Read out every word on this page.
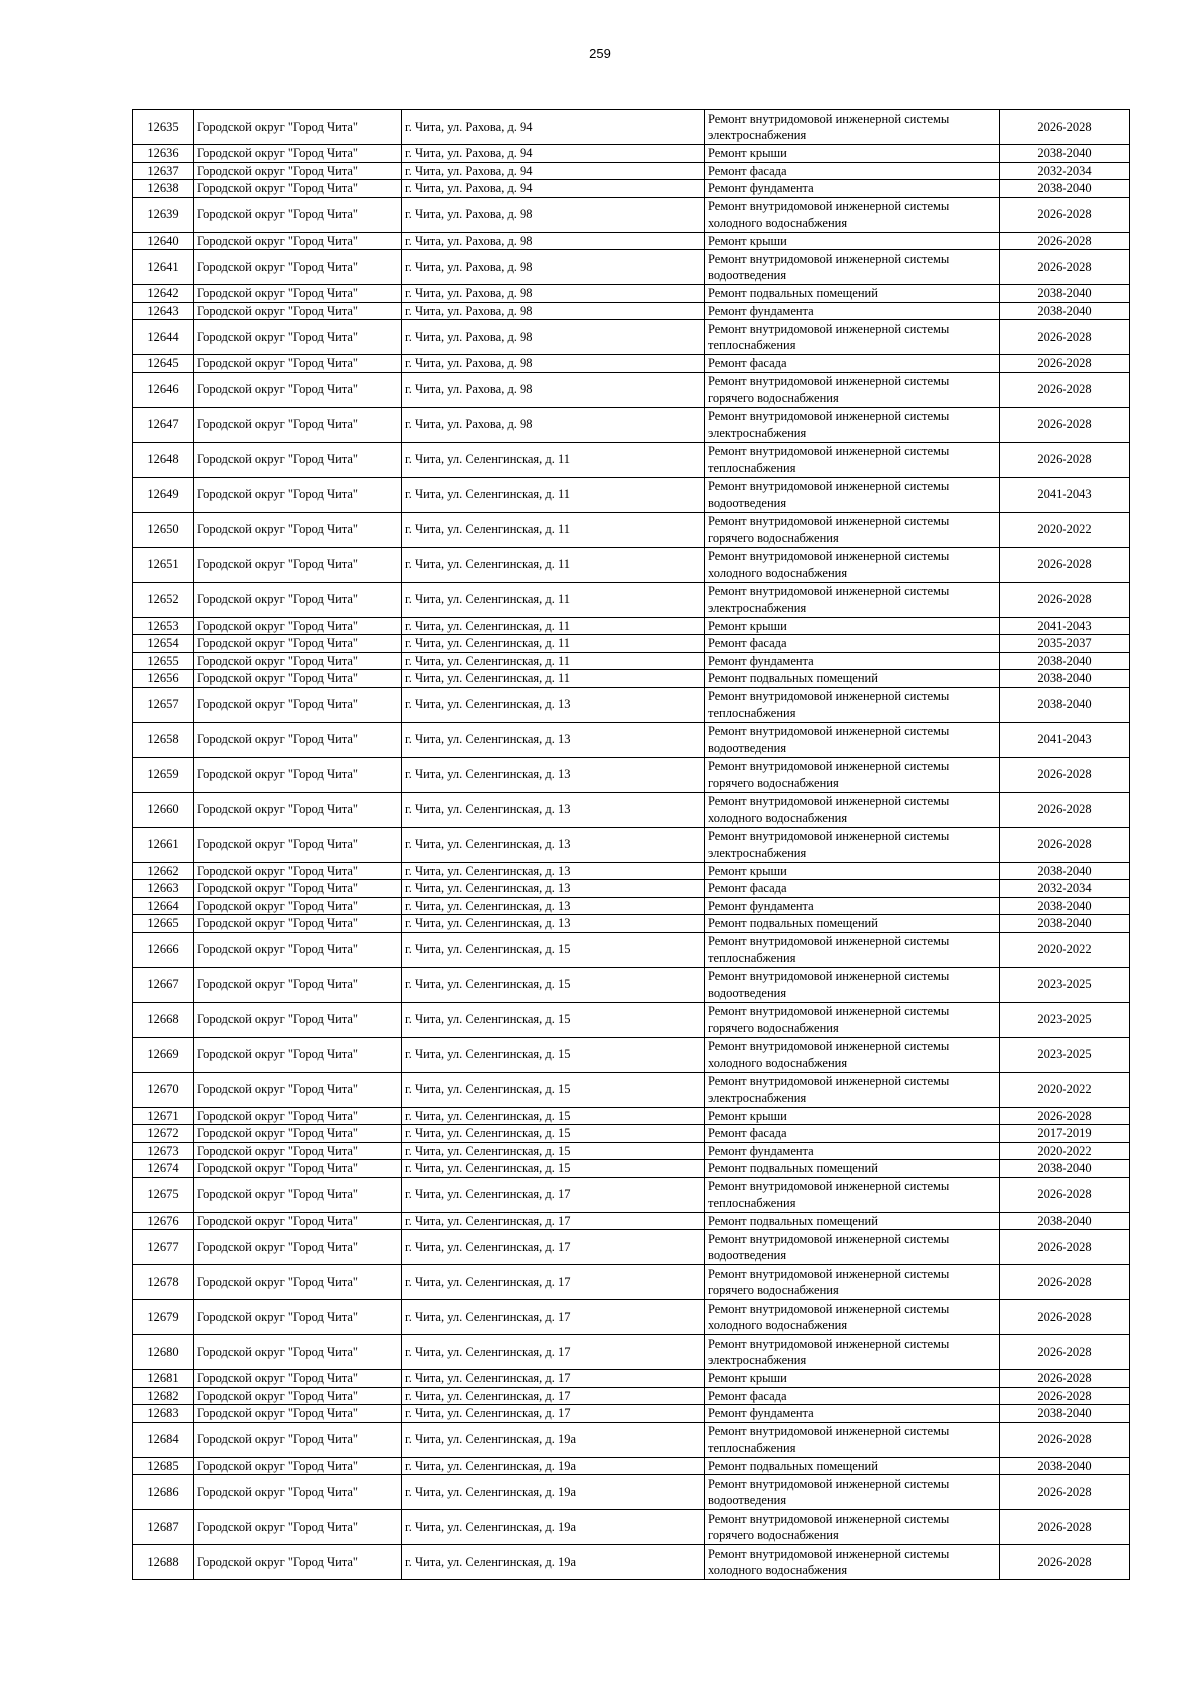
259
12635	Городской округ "Город Чита"	г. Чита, ул. Рахова, д. 94	Ремонт внутридомовой инженерной системы
электроснабжения	2026-2028
12636	Городской округ "Город Чита"	г. Чита, ул. Рахова, д. 94	Ремонт крыши	2038-2040
12637	Городской округ "Город Чита"	г. Чита, ул. Рахова, д. 94	Ремонт фасада	2032-2034
12638	Городской округ "Город Чита"	г. Чита, ул. Рахова, д. 94	Ремонт фундамента	2038-2040
12639	Городской округ "Город Чита"	г. Чита, ул. Рахова, д. 98	Ремонт внутридомовой инженерной системы
холодного водоснабжения	2026-2028
12640	Городской округ "Город Чита"	г. Чита, ул. Рахова, д. 98	Ремонт крыши	2026-2028
12641	Городской округ "Город Чита"	г. Чита, ул. Рахова, д. 98	Ремонт внутридомовой инженерной системы
водоотведения	2026-2028
12642	Городской округ "Город Чита"	г. Чита, ул. Рахова, д. 98	Ремонт подвальных помещений	2038-2040
12643	Городской округ "Город Чита"	г. Чита, ул. Рахова, д. 98	Ремонт фундамента	2038-2040
12644	Городской округ "Город Чита"	г. Чита, ул. Рахова, д. 98	Ремонт внутридомовой инженерной системы
теплоснабжения	2026-2028
12645	Городской округ "Город Чита"	г. Чита, ул. Рахова, д. 98	Ремонт фасада	2026-2028
12646	Городской округ "Город Чита"	г. Чита, ул. Рахова, д. 98	Ремонт внутридомовой инженерной системы
горячего водоснабжения	2026-2028
12647	Городской округ "Город Чита"	г. Чита, ул. Рахова, д. 98	Ремонт внутридомовой инженерной системы
электроснабжения	2026-2028
12648	Городской округ "Город Чита"	г. Чита, ул. Селенгинская, д. 11	Ремонт внутридомовой инженерной системы
теплоснабжения	2026-2028
12649	Городской округ "Город Чита"	г. Чита, ул. Селенгинская, д. 11	Ремонт внутридомовой инженерной системы
водоотведения	2041-2043
12650	Городской округ "Город Чита"	г. Чита, ул. Селенгинская, д. 11	Ремонт внутридомовой инженерной системы
горячего водоснабжения	2020-2022
12651	Городской округ "Город Чита"	г. Чита, ул. Селенгинская, д. 11	Ремонт внутридомовой инженерной системы
холодного водоснабжения	2026-2028
12652	Городской округ "Город Чита"	г. Чита, ул. Селенгинская, д. 11	Ремонт внутридомовой инженерной системы
электроснабжения	2026-2028
12653	Городской округ "Город Чита"	г. Чита, ул. Селенгинская, д. 11	Ремонт крыши	2041-2043
12654	Городской округ "Город Чита"	г. Чита, ул. Селенгинская, д. 11	Ремонт фасада	2035-2037
12655	Городской округ "Город Чита"	г. Чита, ул. Селенгинская, д. 11	Ремонт фундамента	2038-2040
12656	Городской округ "Город Чита"	г. Чита, ул. Селенгинская, д. 11	Ремонт подвальных помещений	2038-2040
12657	Городской округ "Город Чита"	г. Чита, ул. Селенгинская, д. 13	Ремонт внутридомовой инженерной системы
теплоснабжения	2038-2040
12658	Городской округ "Город Чита"	г. Чита, ул. Селенгинская, д. 13	Ремонт внутридомовой инженерной системы
водоотведения	2041-2043
12659	Городской округ "Город Чита"	г. Чита, ул. Селенгинская, д. 13	Ремонт внутридомовой инженерной системы
горячего водоснабжения	2026-2028
12660	Городской округ "Город Чита"	г. Чита, ул. Селенгинская, д. 13	Ремонт внутридомовой инженерной системы
холодного водоснабжения	2026-2028
12661	Городской округ "Город Чита"	г. Чита, ул. Селенгинская, д. 13	Ремонт внутридомовой инженерной системы
электроснабжения	2026-2028
12662	Городской округ "Город Чита"	г. Чита, ул. Селенгинская, д. 13	Ремонт крыши	2038-2040
12663	Городской округ "Город Чита"	г. Чита, ул. Селенгинская, д. 13	Ремонт фасада	2032-2034
12664	Городской округ "Город Чита"	г. Чита, ул. Селенгинская, д. 13	Ремонт фундамента	2038-2040
12665	Городской округ "Город Чита"	г. Чита, ул. Селенгинская, д. 13	Ремонт подвальных помещений	2038-2040
12666	Городской округ "Город Чита"	г. Чита, ул. Селенгинская, д. 15	Ремонт внутридомовой инженерной системы
теплоснабжения	2020-2022
12667	Городской округ "Город Чита"	г. Чита, ул. Селенгинская, д. 15	Ремонт внутридомовой инженерной системы
водоотведения	2023-2025
12668	Городской округ "Город Чита"	г. Чита, ул. Селенгинская, д. 15	Ремонт внутридомовой инженерной системы
горячего водоснабжения	2023-2025
12669	Городской округ "Город Чита"	г. Чита, ул. Селенгинская, д. 15	Ремонт внутридомовой инженерной системы
холодного водоснабжения	2023-2025
12670	Городской округ "Город Чита"	г. Чита, ул. Селенгинская, д. 15	Ремонт внутридомовой инженерной системы
электроснабжения	2020-2022
12671	Городской округ "Город Чита"	г. Чита, ул. Селенгинская, д. 15	Ремонт крыши	2026-2028
12672	Городской округ "Город Чита"	г. Чита, ул. Селенгинская, д. 15	Ремонт фасада	2017-2019
12673	Городской округ "Город Чита"	г. Чита, ул. Селенгинская, д. 15	Ремонт фундамента	2020-2022
12674	Городской округ "Город Чита"	г. Чита, ул. Селенгинская, д. 15	Ремонт подвальных помещений	2038-2040
12675	Городской округ "Город Чита"	г. Чита, ул. Селенгинская, д. 17	Ремонт внутридомовой инженерной системы
теплоснабжения	2026-2028
12676	Городской округ "Город Чита"	г. Чита, ул. Селенгинская, д. 17	Ремонт подвальных помещений	2038-2040
12677	Городской округ "Город Чита"	г. Чита, ул. Селенгинская, д. 17	Ремонт внутридомовой инженерной системы
водоотведения	2026-2028
12678	Городской округ "Город Чита"	г. Чита, ул. Селенгинская, д. 17	Ремонт внутридомовой инженерной системы
горячего водоснабжения	2026-2028
12679	Городской округ "Город Чита"	г. Чита, ул. Селенгинская, д. 17	Ремонт внутридомовой инженерной системы
холодного водоснабжения	2026-2028
12680	Городской округ "Город Чита"	г. Чита, ул. Селенгинская, д. 17	Ремонт внутридомовой инженерной системы
электроснабжения	2026-2028
12681	Городской округ "Город Чита"	г. Чита, ул. Селенгинская, д. 17	Ремонт крыши	2026-2028
12682	Городской округ "Город Чита"	г. Чита, ул. Селенгинская, д. 17	Ремонт фасада	2026-2028
12683	Городской округ "Город Чита"	г. Чита, ул. Селенгинская, д. 17	Ремонт фундамента	2038-2040
12684	Городской округ "Город Чита"	г. Чита, ул. Селенгинская, д. 19а	Ремонт внутридомовой инженерной системы
теплоснабжения	2026-2028
12685	Городской округ "Город Чита"	г. Чита, ул. Селенгинская, д. 19а	Ремонт подвальных помещений	2038-2040
12686	Городской округ "Город Чита"	г. Чита, ул. Селенгинская, д. 19а	Ремонт внутридомовой инженерной системы
водоотведения	2026-2028
12687	Городской округ "Город Чита"	г. Чита, ул. Селенгинская, д. 19а	Ремонт внутридомовой инженерной системы
горячего водоснабжения	2026-2028
12688	Городской округ "Город Чита"	г. Чита, ул. Селенгинская, д. 19а	Ремонт внутридомовой инженерной системы
холодного водоснабжения	2026-2028
